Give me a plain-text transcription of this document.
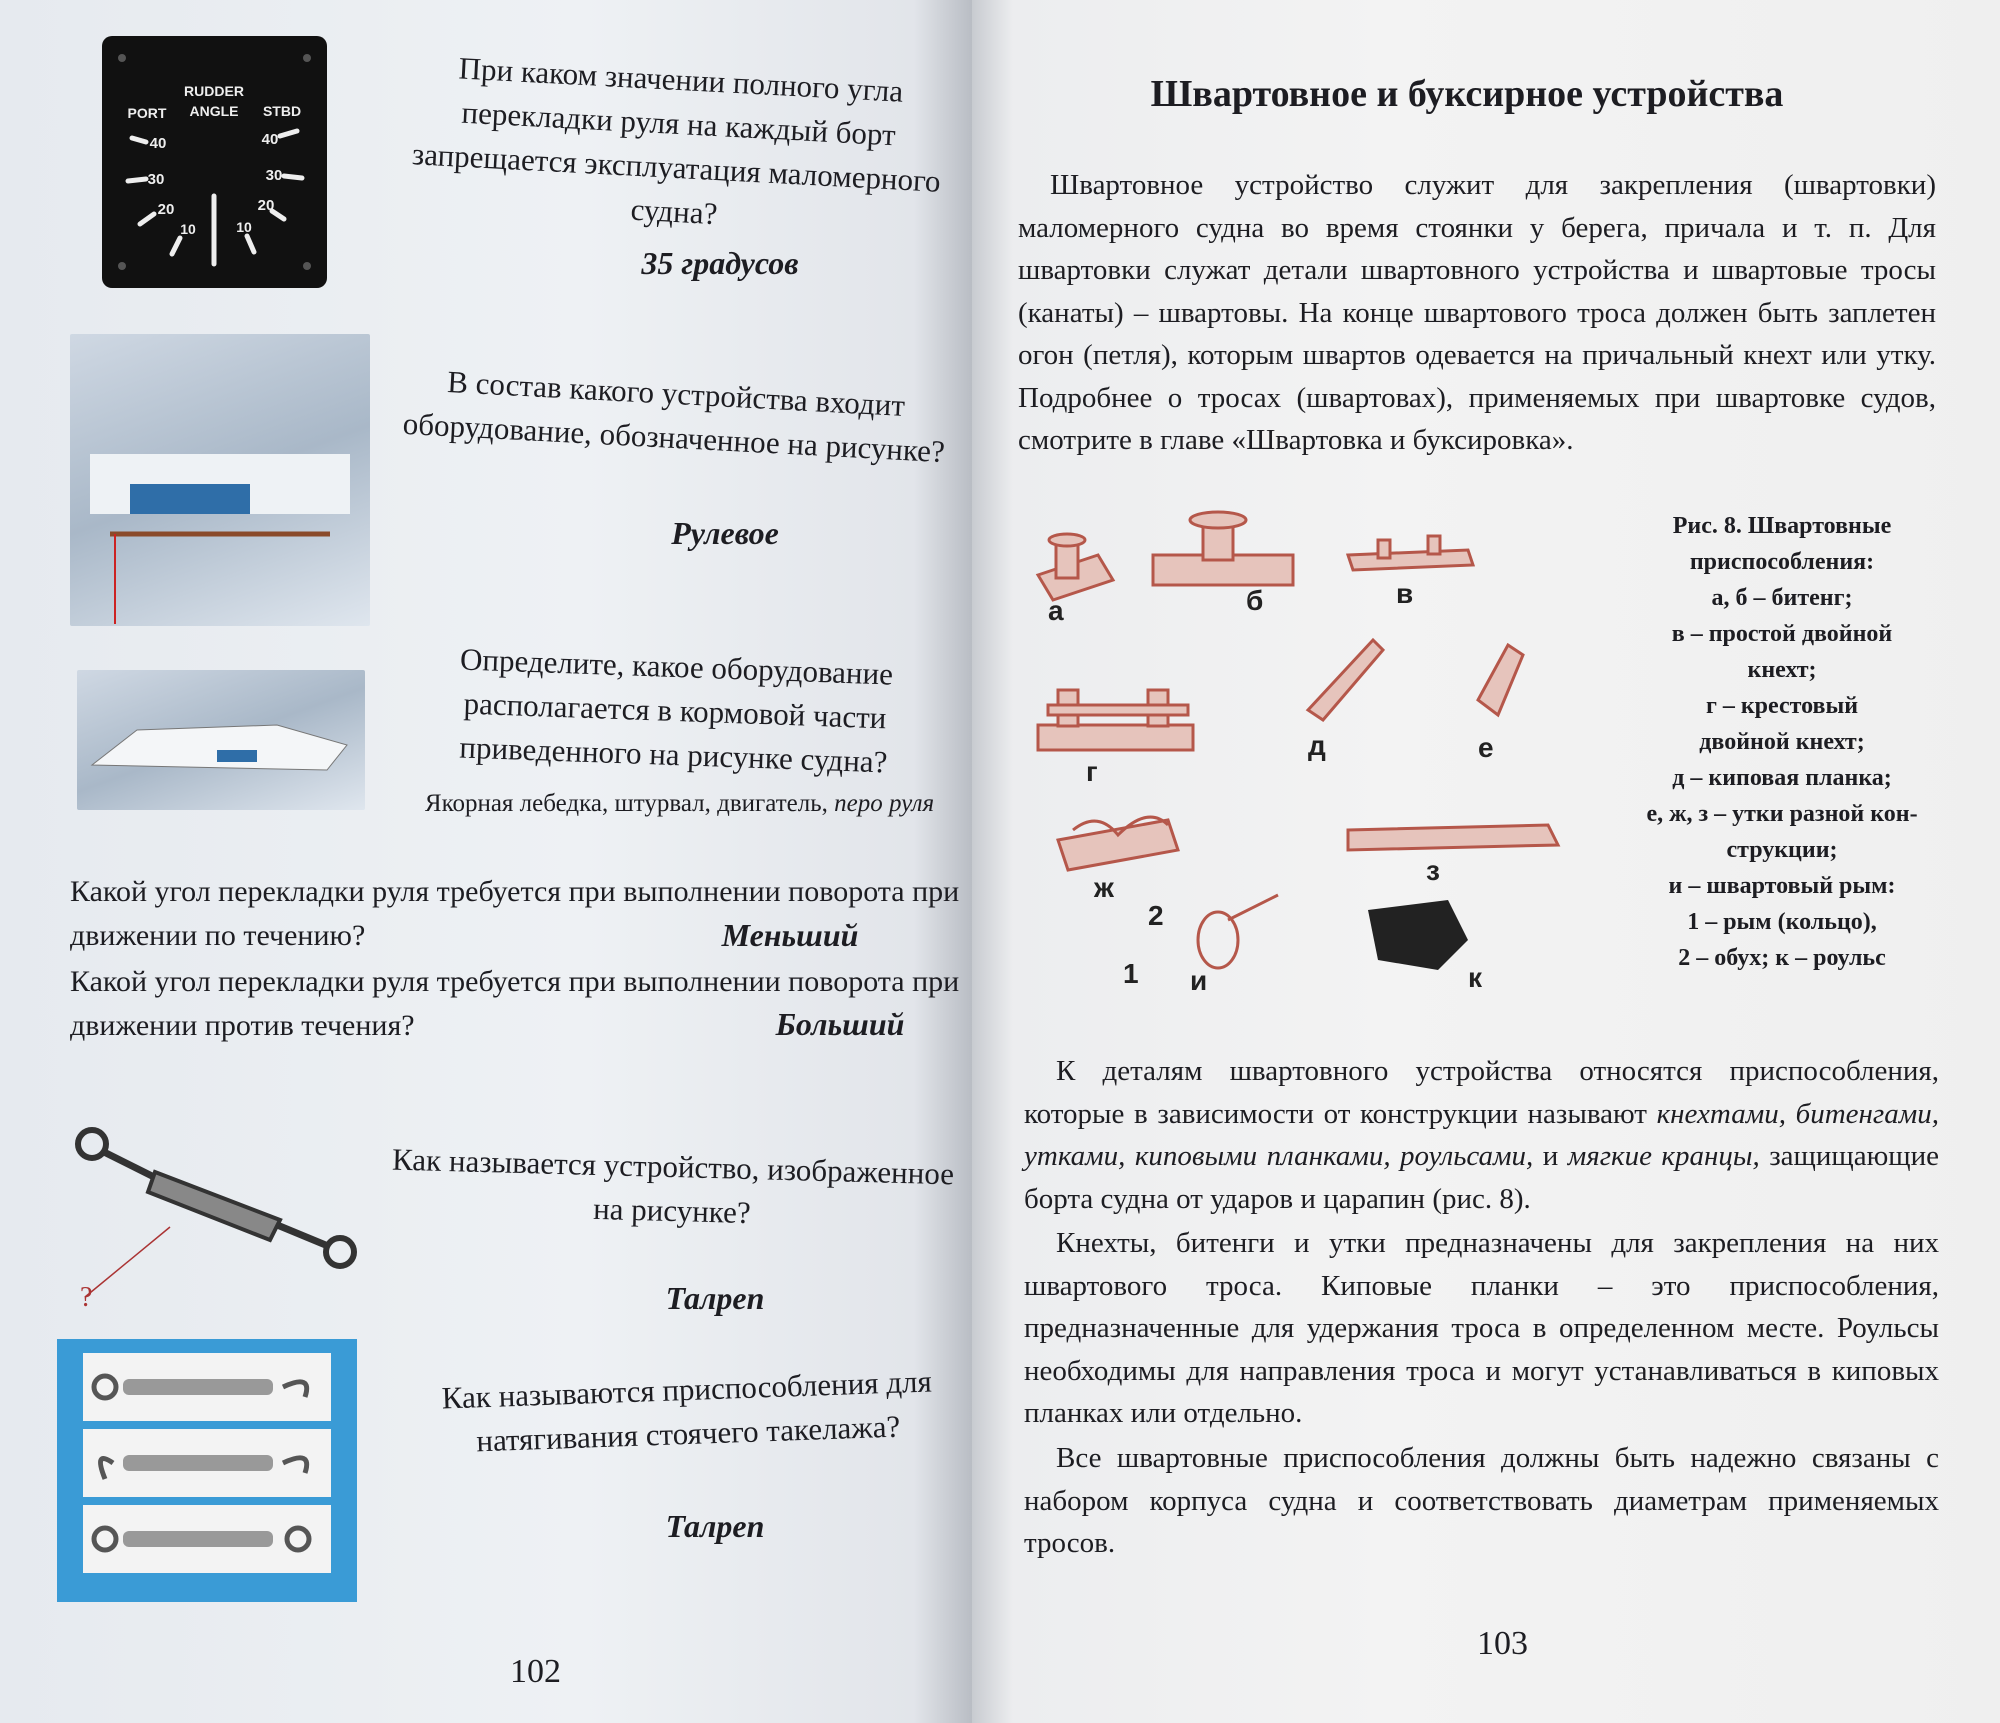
RUDDER
ANGLE
PORT	STBD
40
30
20
10	10
20
30
40
При каком значении полного угла перекладки руля на каждый борт запрещается эксплуатация маломерного судна?
35 градусов
В состав какого устройства входит оборудование, обозначенное на рисунке?
Рулевое
Определите, какое оборудование располагается в кормовой части приведенного на рисунке судна?
Якорная лебедка, штурвал, двигатель, перо руля
Какой угол перекладки руля требуется при выполнении поворота при движении по течению?	Меньший
Какой угол перекладки руля требуется при выполнении поворота при движении против течения?	Больший
?
Как называется устройство, изображенное на рисунке?
Талреп
Как называются приспособления для натягивания стоячего такелажа?
Талреп
102
Швартовное и буксирное устройства
Швартовное устройство служит для закрепления (швартовки) маломерного судна во время стоянки у берега, причала и т. п. Для швартовки служат детали швартовного устройства и швартовые тросы (канаты) – швартовы. На конце швартового троса должен быть заплетен огон (петля), которым швартов одевается на причальный кнехт или утку. Подробнее о тросах (швартовах), применяемых при швартовке судов, смотрите в главе «Швартовка и буксировка».
а	б	в
г
д	е
ж
з
и	к
1
2
Рис. 8. Швартовные
приспособления:
а, б – битенг;
в – простой двойной
кнехт;
г – крестовый
двойной кнехт;
д – киповая планка;
е, ж, з – утки разной кон-
струкции;
и – швартовый рым:
1 – рым (кольцо),
2 – обух; к – роульс
К деталям швартовного устройства относятся приспособления, которые в зависимости от конструкции называют кнехтами, битенгами, утками, киповыми планками, роульсами, и мягкие кранцы, защищающие борта судна от ударов и царапин (рис. 8).
Кнехты, битенги и утки предназначены для закрепления на них швартового троса. Киповые планки – это приспособления, предназначенные для удержания троса в определенном месте. Роульсы необходимы для направления троса и могут устанавливаться в киповых планках или отдельно.
Все швартовные приспособления должны быть надежно связаны с набором корпуса судна и соответствовать диаметрам применяемых тросов.
103
